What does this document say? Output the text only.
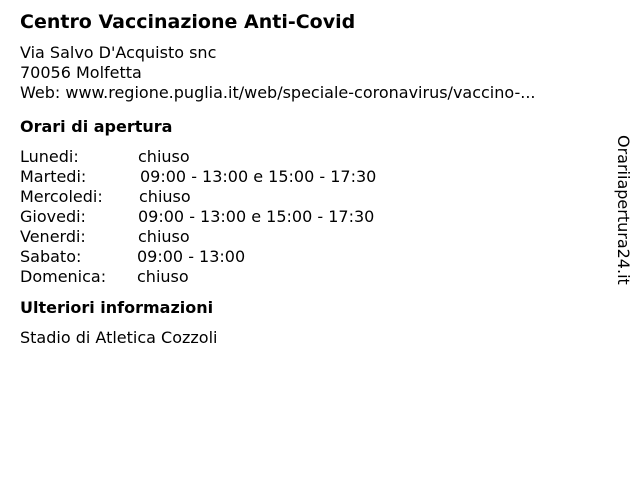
Centro Vaccinazione Anti-Covid
Via Salvo D'Acquisto snc
70056 Molfetta
Web: www.regione.puglia.it/web/speciale-coronavirus/vaccino-...
Orari di apertura
Lunedi:	chiuso
Martedi:	09:00 - 13:00 e 15:00 - 17:30
Mercoledi: chiuso
Giovedi:	09:00 - 13:00 e 15:00 - 17:30
Venerdi:	chiuso
Sabato:	09:00 - 13:00
Domenica: chiuso
Ulteriori informazioni
Stadio di Atletica Cozzoli
Orariiapertura24.it
